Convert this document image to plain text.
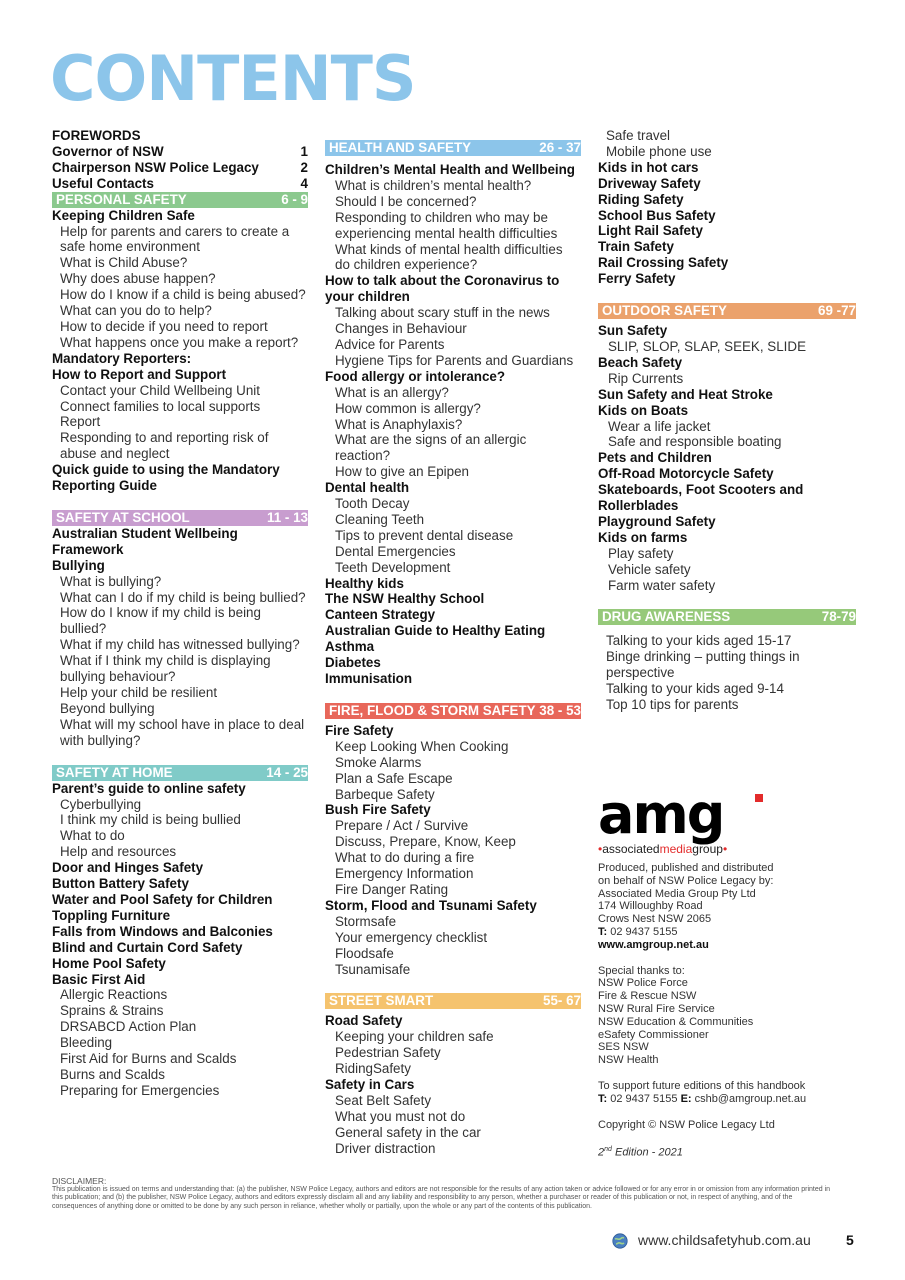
CONTENTS
FOREWORDS
Governor of NSW	1
Chairperson NSW Police Legacy	2
Useful Contacts	4
PERSONAL SAFETY	6 - 9
Keeping Children Safe
Help for parents and carers to create a safe home environment
What is Child Abuse?
Why does abuse happen?
How do I know if a child is being abused?
What can you do to help?
How to decide if you need to report
What happens once you make a report?
Mandatory Reporters:
How to Report and Support
Contact your Child Wellbeing Unit
Connect families to local supports
Report
Responding to and reporting risk of abuse and neglect
Quick guide to using the Mandatory Reporting Guide
SAFETY AT SCHOOL	11 - 13
Australian Student Wellbeing Framework
Bullying
What is bullying?
What can I do if my child is being bullied?
How do I know if my child is being bullied?
What if my child has witnessed bullying?
What if I think my child is displaying bullying behaviour?
Help your child be resilient
Beyond bullying
What will my school have in place to deal with bullying?
SAFETY AT HOME	14 - 25
Parent’s guide to online safety
Cyberbullying
I think my child is being bullied
What to do
Help and resources
Door and Hinges Safety
Button Battery Safety
Water and Pool Safety for Children
Toppling Furniture
Falls from Windows and Balconies
Blind and Curtain Cord Safety
Home Pool Safety
Basic First Aid
Allergic Reactions
Sprains & Strains
DRSABCD Action Plan
Bleeding
First Aid for Burns and Scalds
Burns and Scalds
Preparing for Emergencies
HEALTH AND SAFETY	26 - 37
Children’s Mental Health and Wellbeing
What is children’s mental health?
Should I be concerned?
Responding to children who may be experiencing mental health difficulties
What kinds of mental health difficulties do children experience?
How to talk about the Coronavirus to your children
Talking about scary stuff in the news
Changes in Behaviour
Advice for Parents
Hygiene Tips for Parents and Guardians
Food allergy or intolerance?
What is an allergy?
How common is allergy?
What is Anaphylaxis?
What are the signs of an allergic reaction?
How to give an Epipen
Dental health
Tooth Decay
Cleaning Teeth
Tips to prevent dental disease
Dental Emergencies
Teeth Development
Healthy kids
The NSW Healthy School
Canteen Strategy
Australian Guide to Healthy Eating
Asthma
Diabetes
Immunisation
FIRE, FLOOD & STORM SAFETY 38 - 53
Fire Safety
Keep Looking When Cooking
Smoke Alarms
Plan a Safe Escape
Barbeque Safety
Bush Fire Safety
Prepare / Act / Survive
Discuss, Prepare, Know, Keep
What to do during a fire
Emergency Information
Fire Danger Rating
Storm, Flood and Tsunami Safety
Stormsafe
Your emergency checklist
Floodsafe
Tsunamisafe
STREET SMART	55- 67
Road Safety
Keeping your children safe
Pedestrian Safety
RidingSafety
Safety in Cars
Seat Belt Safety
What you must not do
General safety in the car
Driver distraction
Safe travel
Mobile phone use
Kids in hot cars
Driveway Safety
Riding Safety
School Bus Safety
Light Rail Safety
Train Safety
Rail Crossing Safety
Ferry Safety
OUTDOOR SAFETY	69 -77
Sun Safety
SLIP, SLOP, SLAP, SEEK, SLIDE
Beach Safety
Rip Currents
Sun Safety and Heat Stroke
Kids on Boats
Wear a life jacket
Safe and responsible boating
Pets and Children
Off-Road Motorcycle Safety
Skateboards, Foot Scooters and Rollerblades
Playground Safety
Kids on farms
Play safety
Vehicle safety
Farm water safety
DRUG AWARENESS	78-79
Talking to your kids aged 15-17
Binge drinking – putting things in perspective
Talking to your kids aged 9-14
Top 10 tips for parents
amg
•associatedmediagroup•
Produced, published and distributed
on behalf of NSW Police Legacy by:
Associated Media Group Pty Ltd
174 Willoughby Road
Crows Nest NSW 2065
T: 02 9437 5155
www.amgroup.net.au
Special thanks to:
NSW Police Force
Fire & Rescue NSW
NSW Rural Fire Service
NSW Education & Communities
eSafety Commissioner
SES NSW
NSW Health
To support future editions of this handbook
T: 02 9437 5155 E: cshb@amgroup.net.au
Copyright © NSW Police Legacy Ltd
2nd Edition - 2021
DISCLAIMER:
This publication is issued on terms and understanding that: (a) the publisher, NSW Police Legacy, authors and editors are not responsible for the results of any action taken or advice followed or for any error in or omission from any information printed in this publication; and (b) the publisher, NSW Police Legacy, authors and editors expressly disclaim all and any liability and responsibility to any person, whether a purchaser or reader of this publication or not, in respect of anything, and of the consequences of anything done or omitted to be done by any such person in reliance, whether wholly or partially, upon the whole or any part of the contents of this publication.
www.childsafetyhub.com.au	5
